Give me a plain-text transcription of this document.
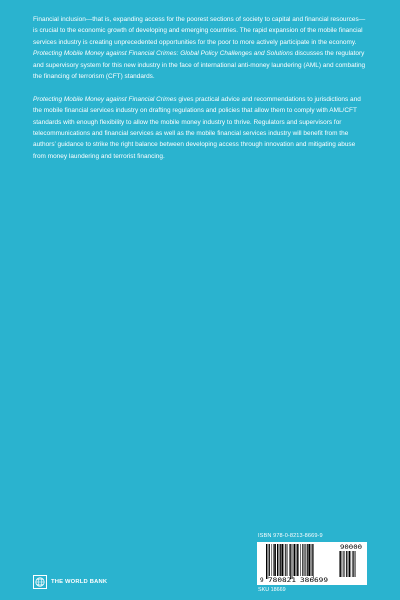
Financial inclusion—that is, expanding access for the poorest sections of society to capital and financial resources—is crucial to the economic growth of developing and emerging countries. The rapid expansion of the mobile financial services industry is creating unprecedented opportunities for the poor to more actively participate in the economy. Protecting Mobile Money against Financial Crimes: Global Policy Challenges and Solutions discusses the regulatory and supervisory system for this new industry in the face of international anti-money laundering (AML) and combating the financing of terrorism (CFT) standards.

Protecting Mobile Money against Financial Crimes gives practical advice and recommendations to jurisdictions and the mobile financial services industry on drafting regulations and policies that allow them to comply with AML/CFT standards with enough flexibility to allow the mobile money industry to thrive. Regulators and supervisors for telecommunications and financial services as well as the mobile financial services industry will benefit from the authors’ guidance to strike the right balance between developing access through innovation and mitigating abuse from money laundering and terrorist financing.

ISBN 978-0-8213-8669-9
9 780821 386699
90000
SKU 18669
THE WORLD BANK
